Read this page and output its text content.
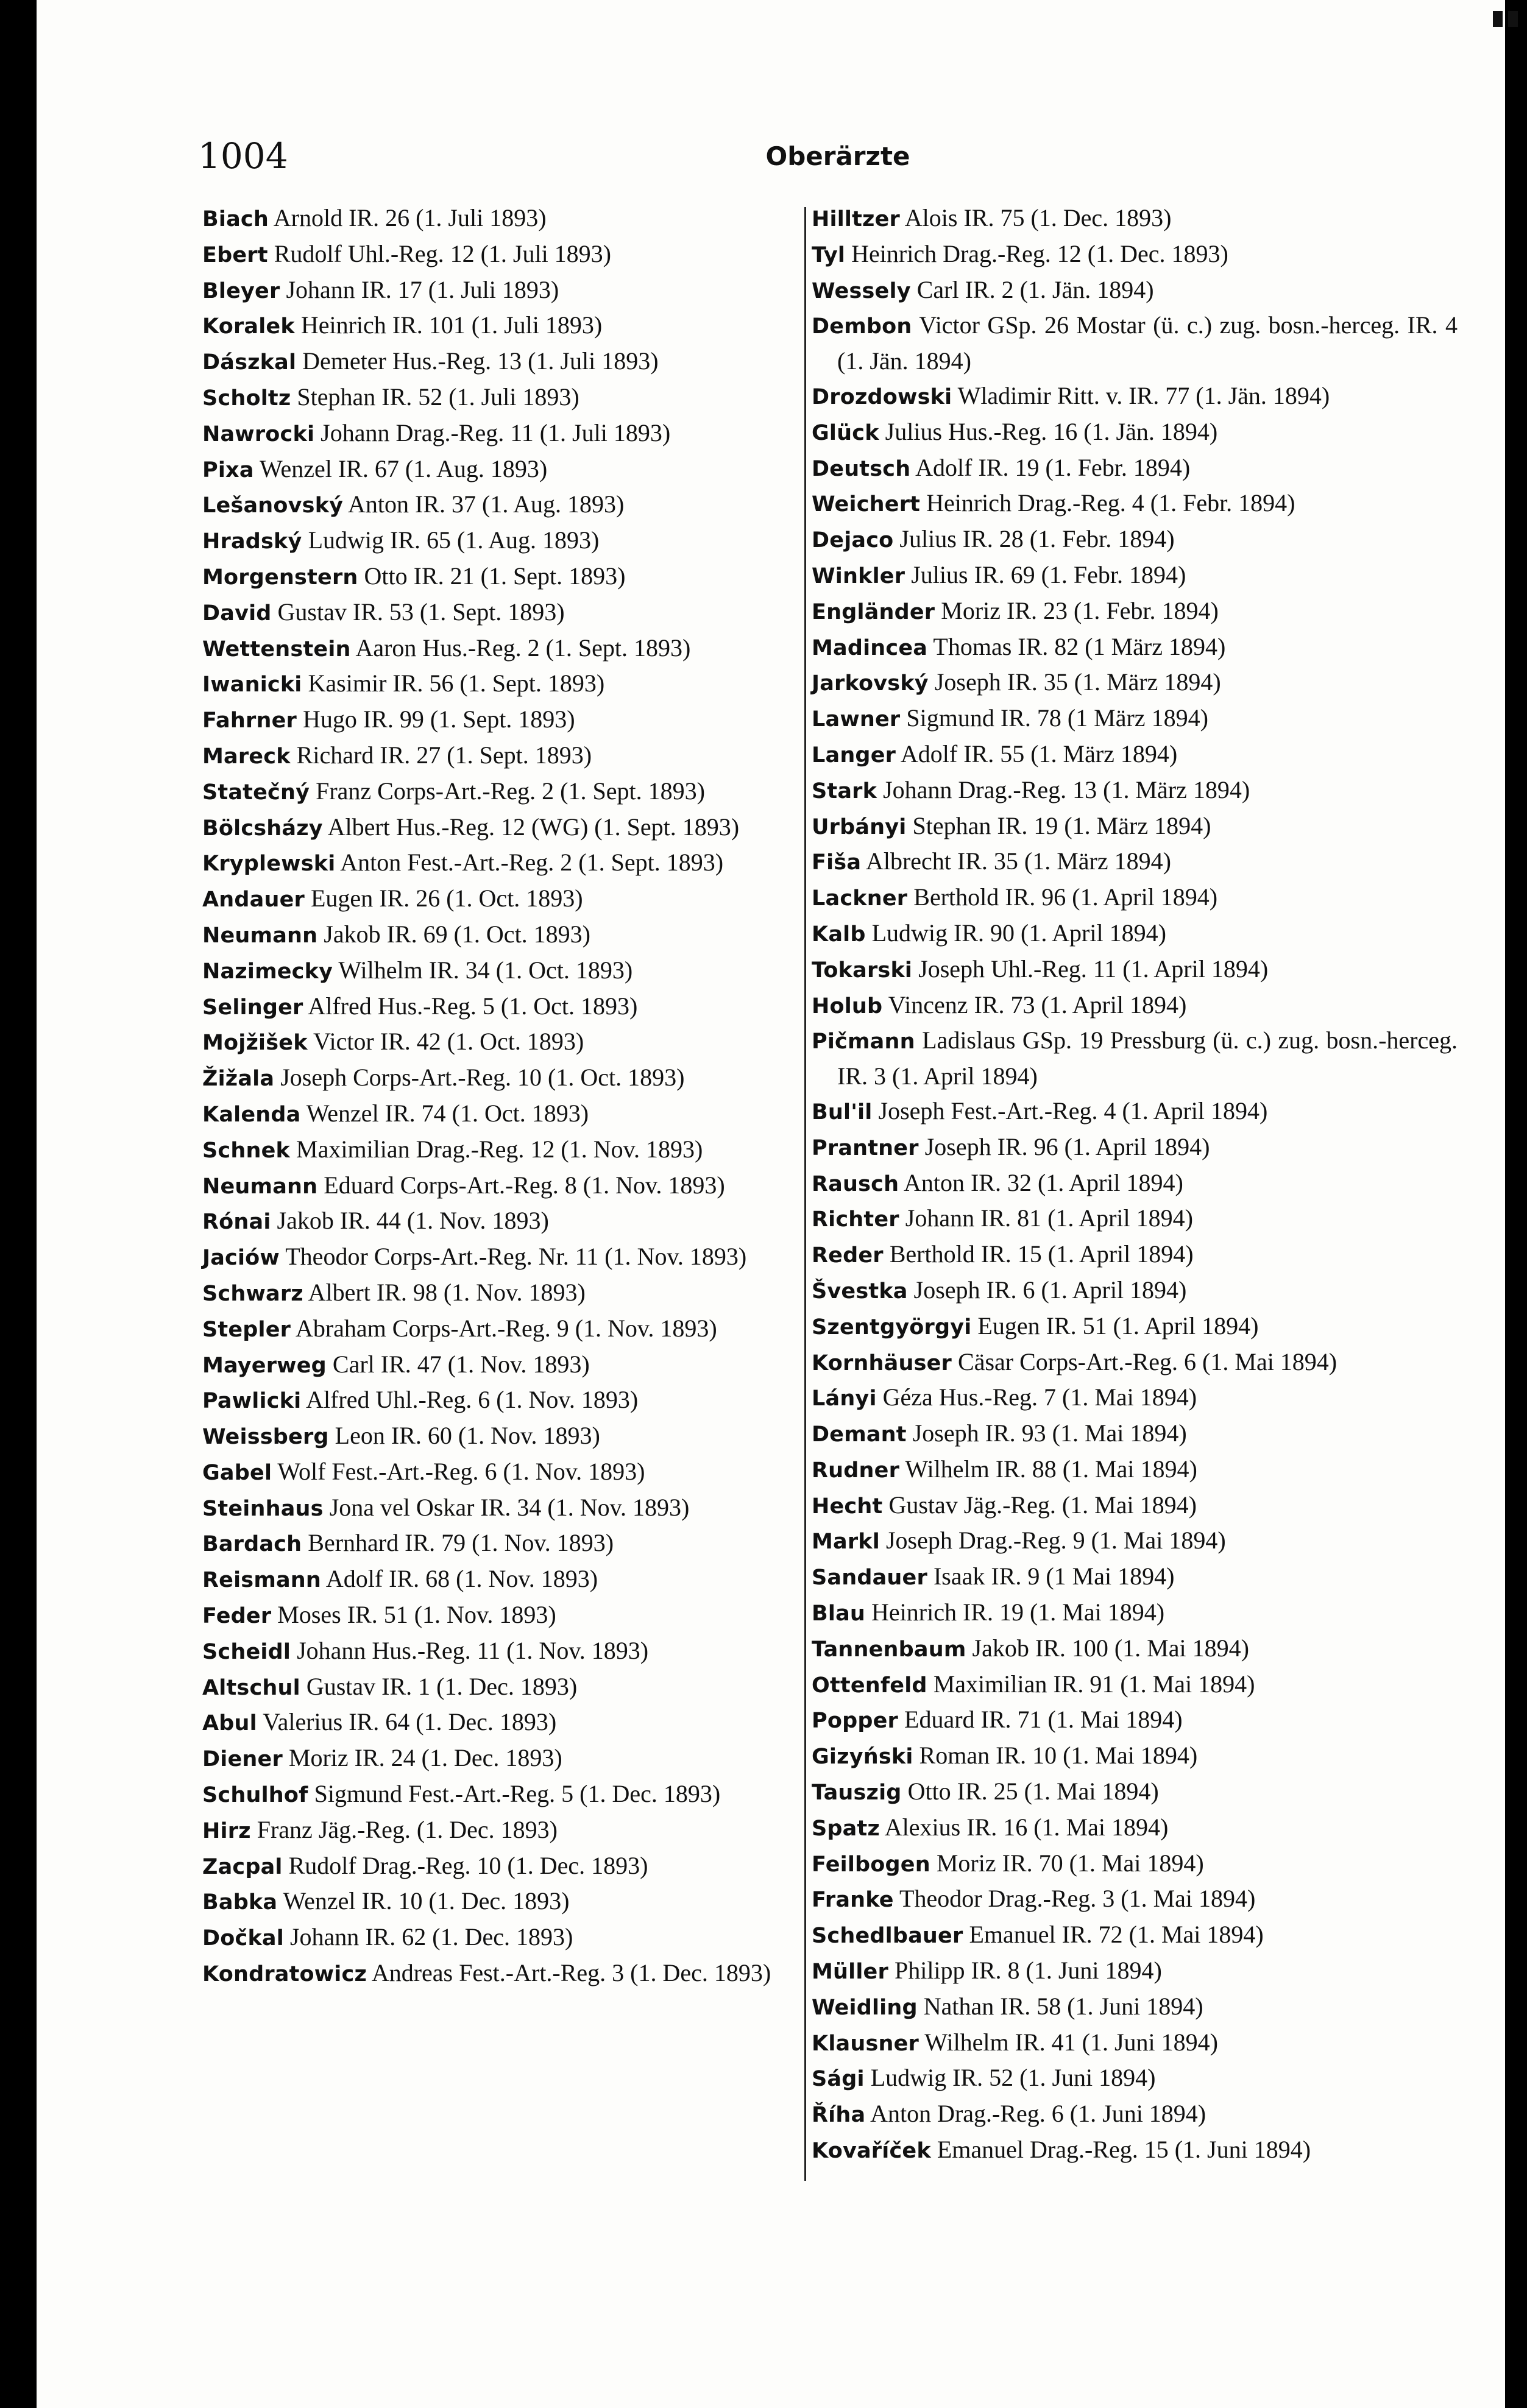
1004	Oberärzte

Biach Arnold IR. 26 (1. Juli 1893)

Ebert Rudolf Uhl.-Reg. 12 (1. Juli 1893)

Bleyer Johann IR. 17 (1. Juli 1893)

Koralek Heinrich IR. 101 (1. Juli 1893)

Dászkal Demeter Hus.-Reg. 13 (1. Juli 1893)

Scholtz Stephan IR. 52 (1. Juli 1893)

Nawrocki Johann Drag.-Reg. 11 (1. Juli 1893)

Pixa Wenzel IR. 67 (1. Aug. 1893)

Lešanovský Anton IR. 37 (1. Aug. 1893)

Hradský Ludwig IR. 65 (1. Aug. 1893)

Morgenstern Otto IR. 21 (1. Sept. 1893)

David Gustav IR. 53 (1. Sept. 1893)

Wettenstein Aaron Hus.-Reg. 2 (1. Sept. 1893)

Iwanicki Kasimir IR. 56 (1. Sept. 1893)

Fahrner Hugo IR. 99 (1. Sept. 1893)

Mareck Richard IR. 27 (1. Sept. 1893)

Statečný Franz Corps-Art.-Reg. 2 (1. Sept. 1893)

Bölcsházy Albert Hus.-Reg. 12 (WG) (1. Sept. 1893)

Kryplewski Anton Fest.-Art.-Reg. 2 (1. Sept. 1893)

Andauer Eugen IR. 26 (1. Oct. 1893)

Neumann Jakob IR. 69 (1. Oct. 1893)

Nazimecky Wilhelm IR. 34 (1. Oct. 1893)

Selinger Alfred Hus.-Reg. 5 (1. Oct. 1893)

Mojžišek Victor IR. 42 (1. Oct. 1893)

Žižala Joseph Corps-Art.-Reg. 10 (1. Oct. 1893)

Kalenda Wenzel IR. 74 (1. Oct. 1893)

Schnek Maximilian Drag.-Reg. 12 (1. Nov. 1893)

Neumann Eduard Corps-Art.-Reg. 8 (1. Nov. 1893)

Rónai Jakob IR. 44 (1. Nov. 1893)

Jaciów Theodor Corps-Art.-Reg. Nr. 11 (1. Nov. 1893)

Schwarz Albert IR. 98 (1. Nov. 1893)

Stepler Abraham Corps-Art.-Reg. 9 (1. Nov. 1893)

Mayerweg Carl IR. 47 (1. Nov. 1893)

Pawlicki Alfred Uhl.-Reg. 6 (1. Nov. 1893)

Weissberg Leon IR. 60 (1. Nov. 1893)

Gabel Wolf Fest.-Art.-Reg. 6 (1. Nov. 1893)

Steinhaus Jona vel Oskar IR. 34 (1. Nov. 1893)

Bardach Bernhard IR. 79 (1. Nov. 1893)

Reismann Adolf IR. 68 (1. Nov. 1893)

Feder Moses IR. 51 (1. Nov. 1893)

Scheidl Johann Hus.-Reg. 11 (1. Nov. 1893)

Altschul Gustav IR. 1 (1. Dec. 1893)

Abul Valerius IR. 64 (1. Dec. 1893)

Diener Moriz IR. 24 (1. Dec. 1893)

Schulhof Sigmund Fest.-Art.-Reg. 5 (1. Dec. 1893)

Hirz Franz Jäg.-Reg. (1. Dec. 1893)

Zacpal Rudolf Drag.-Reg. 10 (1. Dec. 1893)

Babka Wenzel IR. 10 (1. Dec. 1893)

Dočkal Johann IR. 62 (1. Dec. 1893)

Kondratowicz Andreas Fest.-Art.-Reg. 3 (1. Dec. 1893)

Hilltzer Alois IR. 75 (1. Dec. 1893)

Tyl Heinrich Drag.-Reg. 12 (1. Dec. 1893)

Wessely Carl IR. 2 (1. Jän. 1894)

Dembon Victor GSp. 26 Mostar (ü. c.) zug. bosn.-herceg. IR. 4 (1. Jän. 1894)

Drozdowski Wladimir Ritt. v. IR. 77 (1. Jän. 1894)

Glück Julius Hus.-Reg. 16 (1. Jän. 1894)

Deutsch Adolf IR. 19 (1. Febr. 1894)

Weichert Heinrich Drag.-Reg. 4 (1. Febr. 1894)

Dejaco Julius IR. 28 (1. Febr. 1894)

Winkler Julius IR. 69 (1. Febr. 1894)

Engländer Moriz IR. 23 (1. Febr. 1894)

Madincea Thomas IR. 82 (1 März 1894)

Jarkovský Joseph IR. 35 (1. März 1894)

Lawner Sigmund IR. 78 (1 März 1894)

Langer Adolf IR. 55 (1. März 1894)

Stark Johann Drag.-Reg. 13 (1. März 1894)

Urbányi Stephan IR. 19 (1. März 1894)

Fiša Albrecht IR. 35 (1. März 1894)

Lackner Berthold IR. 96 (1. April 1894)

Kalb Ludwig IR. 90 (1. April 1894)

Tokarski Joseph Uhl.-Reg. 11 (1. April 1894)

Holub Vincenz IR. 73 (1. April 1894)

Pičmann Ladislaus GSp. 19 Pressburg (ü. c.) zug. bosn.-herceg. IR. 3 (1. April 1894)

Bul'il Joseph Fest.-Art.-Reg. 4 (1. April 1894)

Prantner Joseph IR. 96 (1. April 1894)

Rausch Anton IR. 32 (1. April 1894)

Richter Johann IR. 81 (1. April 1894)

Reder Berthold IR. 15 (1. April 1894)

Švestka Joseph IR. 6 (1. April 1894)

Szentgyörgyi Eugen IR. 51 (1. April 1894)

Kornhäuser Cäsar Corps-Art.-Reg. 6 (1. Mai 1894)

Lányi Géza Hus.-Reg. 7 (1. Mai 1894)

Demant Joseph IR. 93 (1. Mai 1894)

Rudner Wilhelm IR. 88 (1. Mai 1894)

Hecht Gustav Jäg.-Reg. (1. Mai 1894)

Markl Joseph Drag.-Reg. 9 (1. Mai 1894)

Sandauer Isaak IR. 9 (1 Mai 1894)

Blau Heinrich IR. 19 (1. Mai 1894)

Tannenbaum Jakob IR. 100 (1. Mai 1894)

Ottenfeld Maximilian IR. 91 (1. Mai 1894)

Popper Eduard IR. 71 (1. Mai 1894)

Gizyński Roman IR. 10 (1. Mai 1894)

Tauszig Otto IR. 25 (1. Mai 1894)

Spatz Alexius IR. 16 (1. Mai 1894)

Feilbogen Moriz IR. 70 (1. Mai 1894)

Franke Theodor Drag.-Reg. 3 (1. Mai 1894)

Schedlbauer Emanuel IR. 72 (1. Mai 1894)

Müller Philipp IR. 8 (1. Juni 1894)

Weidling Nathan IR. 58 (1. Juni 1894)

Klausner Wilhelm IR. 41 (1. Juni 1894)

Sági Ludwig IR. 52 (1. Juni 1894)

Říha Anton Drag.-Reg. 6 (1. Juni 1894)

Kovaříček Emanuel Drag.-Reg. 15 (1. Juni 1894)
